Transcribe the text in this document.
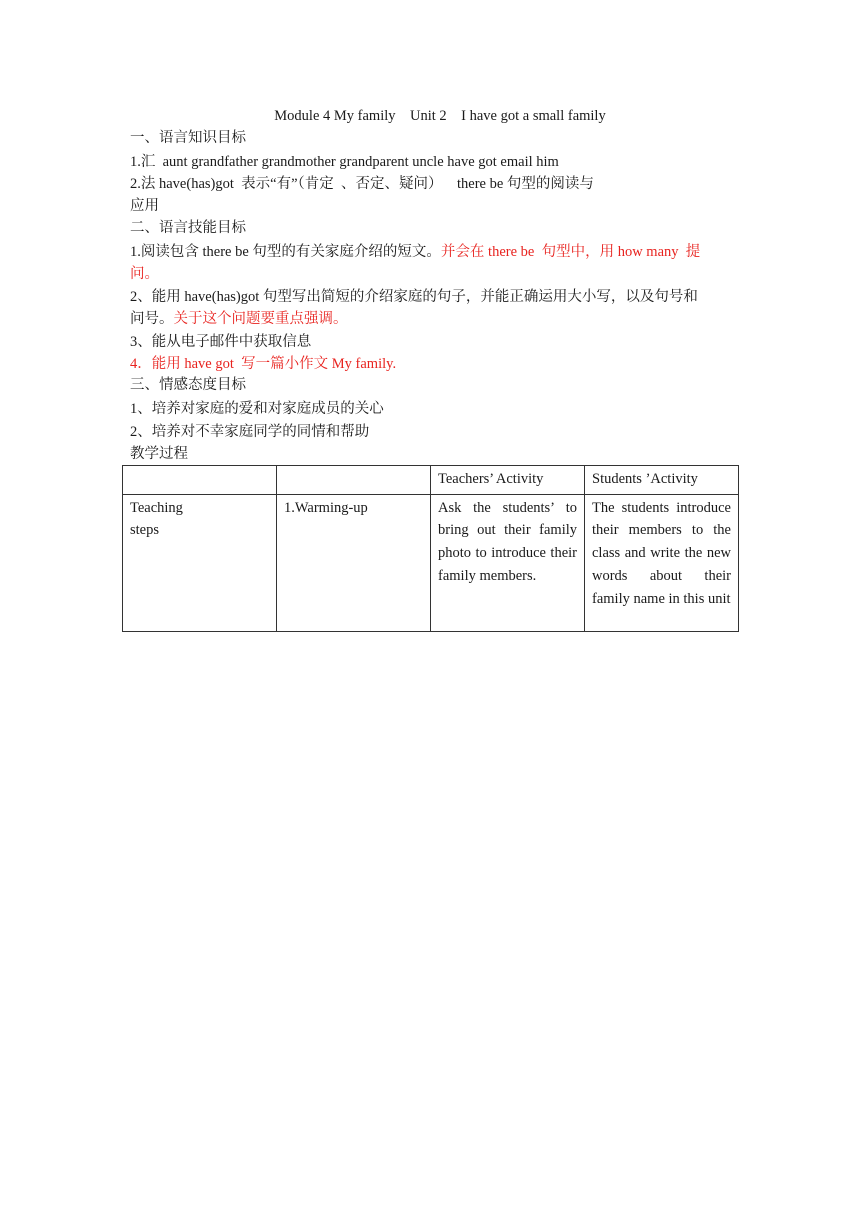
Module 4 My family    Unit 2    I have got a small family
一、语言知识目标
1.汇  aunt grandfather grandmother grandparent uncle have got email him
2.法 have(has)got  表示“有”（肯定  、否定、疑问）    there be 句型的阅读与
应用
二、语言技能目标
1.阅读包含 there be 句型的有关家庭介绍的短文。并会在 there be  句型中，用 how many  提
问。
2、能用 have(has)got 句型写出简短的介绍家庭的句子，并能正确运用大小写，以及句号和
问号。关于这个问题要重点强调。
3、能从电子邮件中获取信息
4．能用 have got  写一篇小作文 My family.
三、情感态度目标
1、培养对家庭的爱和对家庭成员的关心
2、培养对不幸家庭同学的同情和帮助
教学过程
		Teachers’ Activity	Students ’Activity

Teaching
steps	1.Warming-up	Ask the students’ to bring out their family photo to introduce their family members.	The students introduce their members to the class and write the new words about their family name in this unit
